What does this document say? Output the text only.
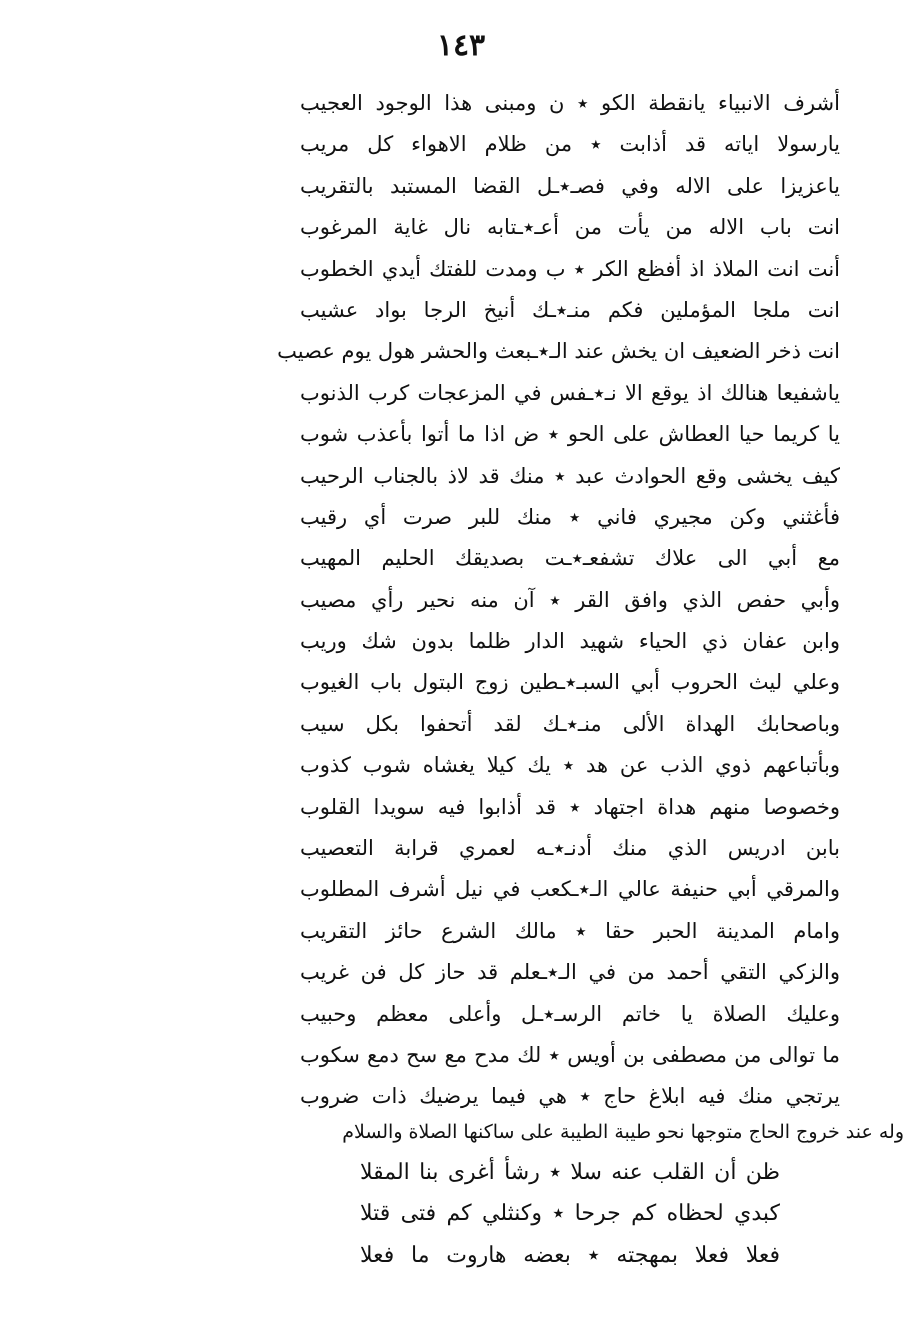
١٤٣
أشرف الانبياء يانقطة الكو ٭ ن ومبنى هذا الوجود العجيب
يارسولا اياته قد أذابت ٭ من ظلام الاهواء كل مريب
ياعزيزا على الاله وفي فصـ٭ـل القضا المستبد بالتقريب
انت باب الاله من يأت من أعـ٭ـتابه نال غاية المرغوب
أنت انت الملاذ اذ أفظع الكر ٭ ب ومدت للفتك أيدي الخطوب
انت ملجا المؤملين فكم منـ٭ـك أنيخ الرجا بواد عشيب
انت ذخر الضعيف ان يخش عند الـ٭ـبعث والحشر هول يوم عصيب
ياشفيعا هنالك اذ يوقع الا نـ٭ـفس في المزعجات كرب الذنوب
يا كريما حيا العطاش على الحو ٭ ض اذا ما أتوا بأعذب شوب
كيف يخشى وقع الحوادث عبد ٭ منك قد لاذ بالجناب الرحيب
فأغثني وكن مجيري فاني ٭ منك للبر صرت أي رقيب
مع أبي الى علاك تشفعـ٭ـت بصديقك الحليم المهيب
وأبي حفص الذي وافق القر ٭ آن منه نحير رأي مصيب
وابن عفان ذي الحياء شهيد الدار ظلما بدون شك وريب
وعلي ليث الحروب أبي السبـ٭ـطين زوج البتول باب الغيوب
وباصحابك الهداة الألى منـ٭ـك لقد أتحفوا بكل سيب
وبأتباعهم ذوي الذب عن هد ٭ يك كيلا يغشاه شوب كذوب
وخصوصا منهم هداة اجتهاد ٭ قد أذابوا فيه سويدا القلوب
بابن ادريس الذي منك أدنـ٭ـه لعمري قرابة التعصيب
والمرقي أبي حنيفة عالي الـ٭ـكعب في نيل أشرف المطلوب
وامام المدينة الحبر حقا ٭ مالك الشرع حائز التقريب
والزكي التقي أحمد من في الـ٭ـعلم قد حاز كل فن غريب
وعليك الصلاة يا خاتم الرسـ٭ـل وأعلى معظم وحبيب
ما توالى من مصطفى بن أويس ٭ لك مدح مع سح دمع سكوب
يرتجي منك فيه ابلاغ حاج ٭ هي فيما يرضيك ذات ضروب
وله عند خروج الحاج متوجها نحو طيبة الطيبة على ساكنها الصلاة والسلام
ظن أن القلب عنه سلا ٭ رشأ أغرى بنا المقلا
كبدي لحظاه كم جرحا ٭ وكنثلي كم فتى قتلا
فعلا فعلا بمهجته ٭ بعضه هاروت ما فعلا
